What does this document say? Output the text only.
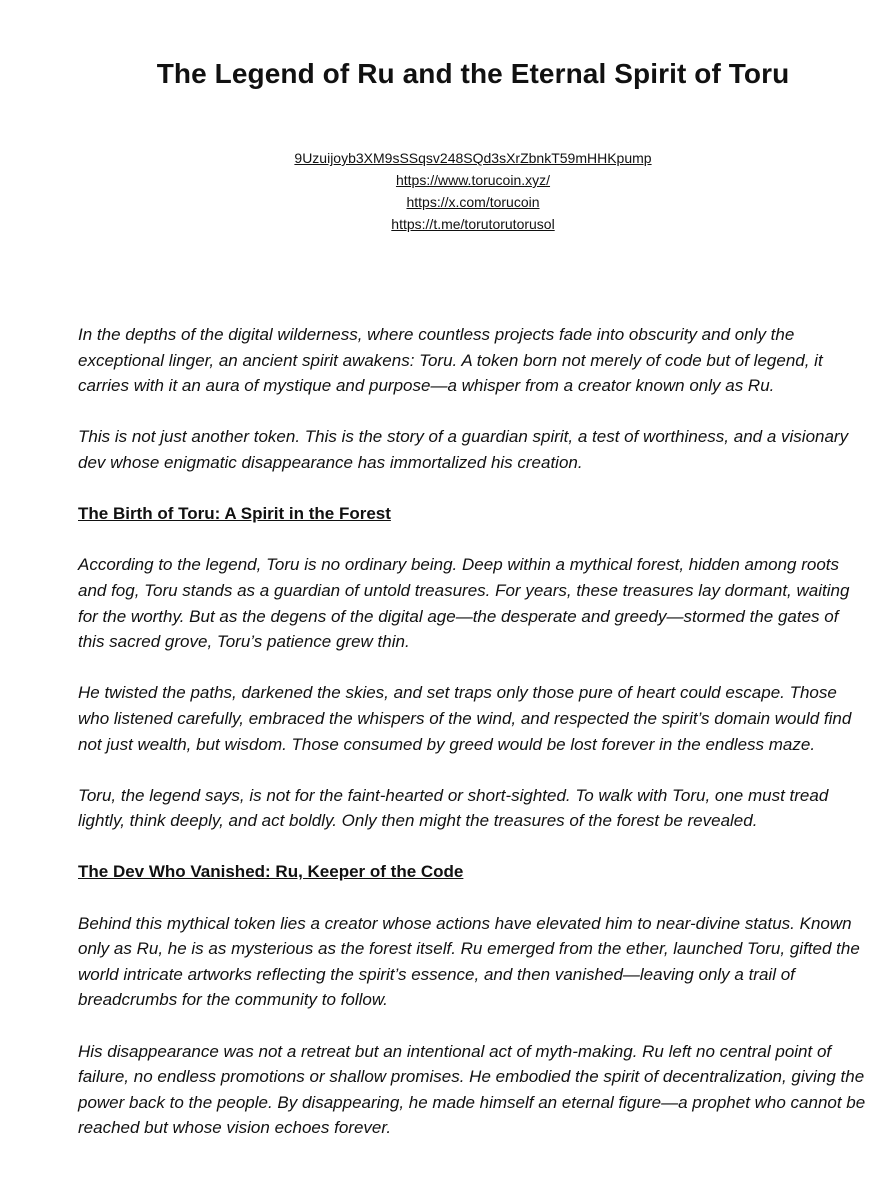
The Legend of Ru and the Eternal Spirit of Toru
9Uzuijoyb3XM9sSSqsv248SQd3sXrZbnkT59mHHKpump
https://www.torucoin.xyz/
https://x.com/torucoin
https://t.me/torutorutorusol

In the depths of the digital wilderness, where countless projects fade into obscurity and only the exceptional linger, an ancient spirit awakens: Toru. A token born not merely of code but of legend, it carries with it an aura of mystique and purpose—a whisper from a creator known only as Ru.

This is not just another token. This is the story of a guardian spirit, a test of worthiness, and a visionary dev whose enigmatic disappearance has immortalized his creation.

The Birth of Toru: A Spirit in the Forest

According to the legend, Toru is no ordinary being. Deep within a mythical forest, hidden among roots and fog, Toru stands as a guardian of untold treasures. For years, these treasures lay dormant, waiting for the worthy. But as the degens of the digital age—the desperate and greedy—stormed the gates of this sacred grove, Toru’s patience grew thin.

He twisted the paths, darkened the skies, and set traps only those pure of heart could escape. Those who listened carefully, embraced the whispers of the wind, and respected the spirit’s domain would find not just wealth, but wisdom. Those consumed by greed would be lost forever in the endless maze.

Toru, the legend says, is not for the faint-hearted or short-sighted. To walk with Toru, one must tread lightly, think deeply, and act boldly. Only then might the treasures of the forest be revealed.

The Dev Who Vanished: Ru, Keeper of the Code

Behind this mythical token lies a creator whose actions have elevated him to near-divine status. Known only as Ru, he is as mysterious as the forest itself. Ru emerged from the ether, launched Toru, gifted the world intricate artworks reflecting the spirit’s essence, and then vanished—leaving only a trail of breadcrumbs for the community to follow.

His disappearance was not a retreat but an intentional act of myth-making. Ru left no central point of failure, no endless promotions or shallow promises. He embodied the spirit of decentralization, giving the power back to the people. By disappearing, he made himself an eternal figure—a prophet who cannot be reached but whose vision echoes forever.
